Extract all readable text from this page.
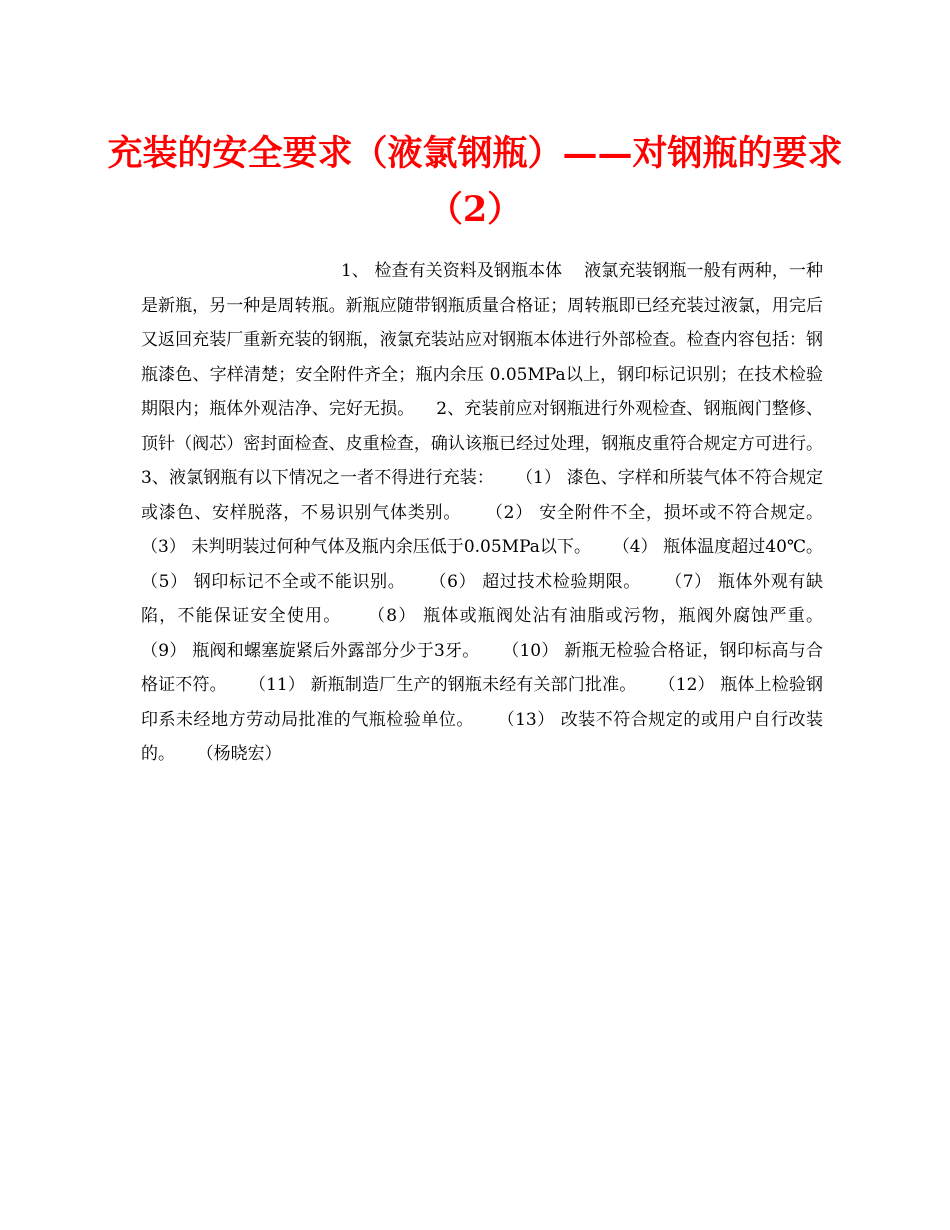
充装的安全要求（液氯钢瓶）——对钢瓶的要求（2）

1、 检查有关资料及钢瓶本体    液氯充装钢瓶一般有两种，一种是新瓶，另一种是周转瓶。新瓶应随带钢瓶质量合格证；周转瓶即已经充装过液氯，用完后又返回充装厂重新充装的钢瓶，液氯充装站应对钢瓶本体进行外部检查。检查内容包括：钢瓶漆色、字样清楚；安全附件齐全；瓶内余压 0.05MPa以上，钢印标记识别；在技术检验期限内；瓶体外观洁净、完好无损。    2、充装前应对钢瓶进行外观检查、钢瓶阀门整修、顶针（阀芯）密封面检查、皮重检查，确认该瓶已经过处理，钢瓶皮重符合规定方可进行。    3、液氯钢瓶有以下情况之一者不得进行充装：    （1） 漆色、字样和所装气体不符合规定或漆色、安样脱落，不易识别气体类别。    （2） 安全附件不全，损坏或不符合规定。    （3） 未判明装过何种气体及瓶内余压低于0.05MPa以下。    （4） 瓶体温度超过40℃。    （5） 钢印标记不全或不能识别。    （6） 超过技术检验期限。    （7） 瓶体外观有缺陷，不能保证安全使用。    （8） 瓶体或瓶阀处沾有油脂或污物，瓶阀外腐蚀严重。    （9） 瓶阀和螺塞旋紧后外露部分少于3牙。    （10） 新瓶无检验合格证，钢印标高与合格证不符。    （11） 新瓶制造厂生产的钢瓶未经有关部门批准。    （12） 瓶体上检验钢印系未经地方劳动局批准的气瓶检验单位。    （13） 改装不符合规定的或用户自行改装的。    （杨晓宏）
